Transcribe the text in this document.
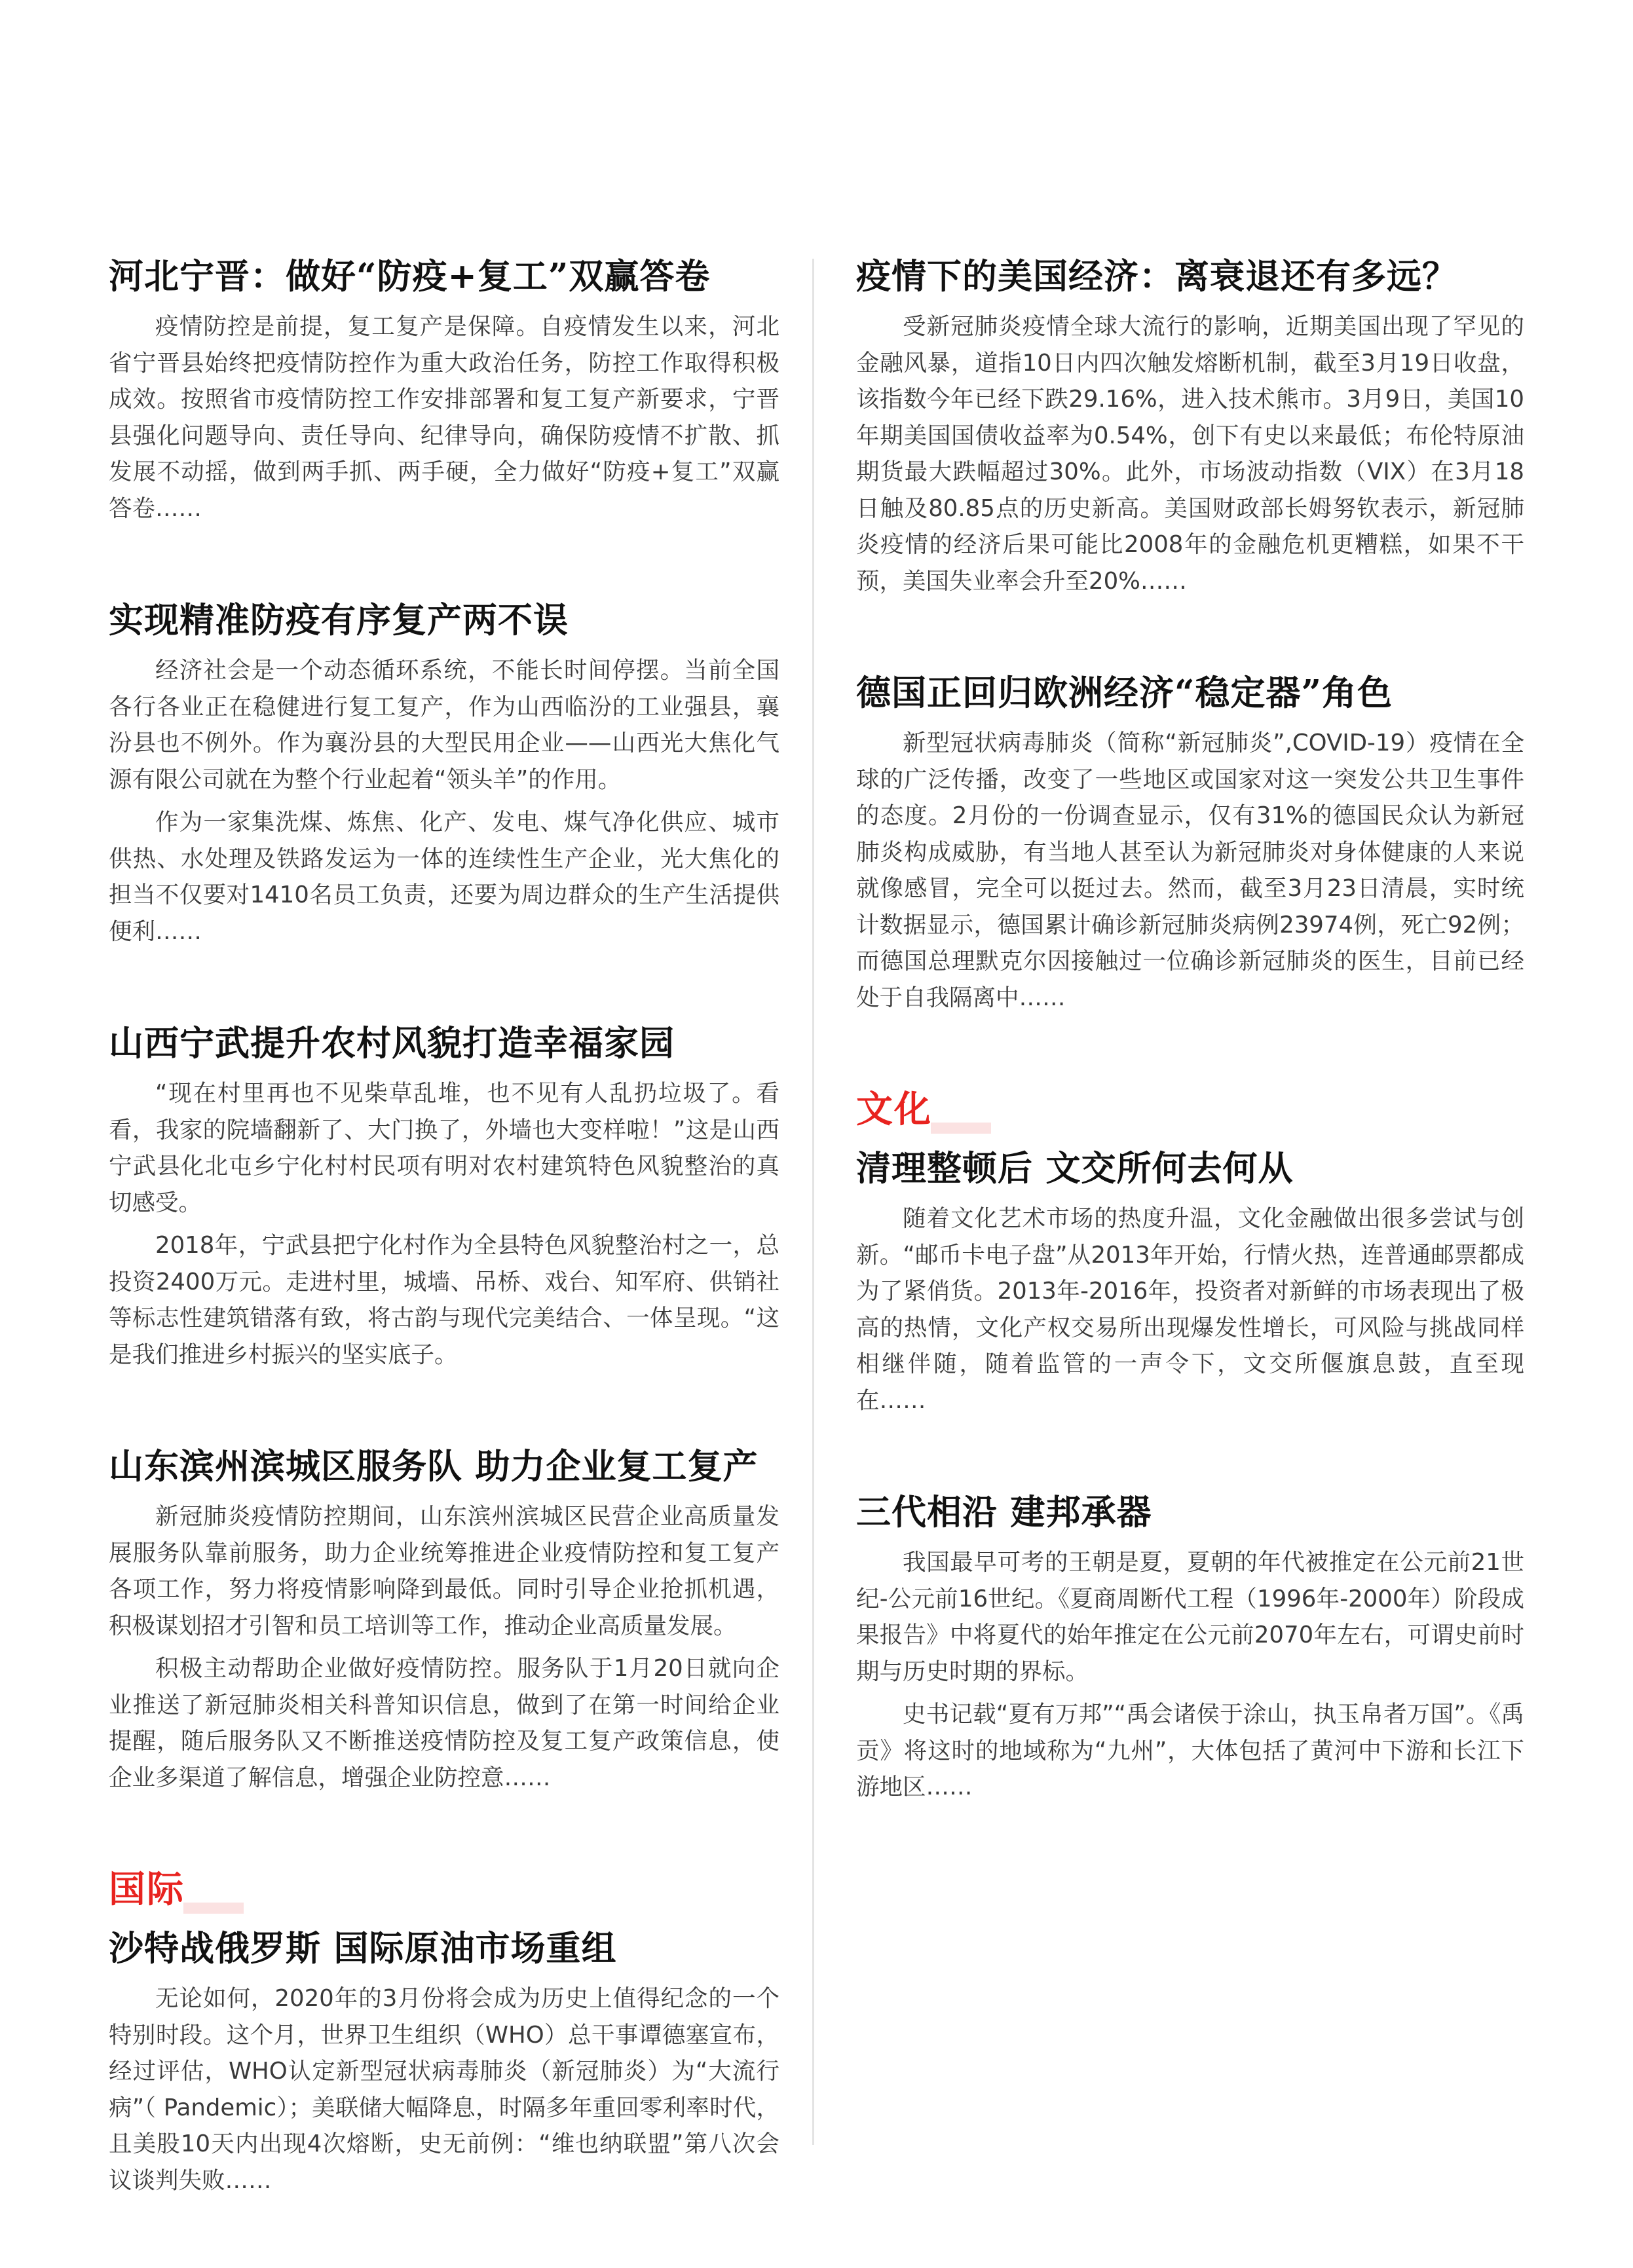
河北宁晋：做好“防疫+复工”双赢答卷

疫情防控是前提，复工复产是保障。自疫情发生以来，河北省宁晋县始终把疫情防控作为重大政治任务，防控工作取得积极成效。按照省市疫情防控工作安排部署和复工复产新要求，宁晋县强化问题导向、责任导向、纪律导向，确保防疫情不扩散、抓发展不动摇，做到两手抓、两手硬，全力做好“防疫+复工”双赢答卷……

实现精准防疫有序复产两不误

经济社会是一个动态循环系统，不能长时间停摆。当前全国各行各业正在稳健进行复工复产，作为山西临汾的工业强县，襄汾县也不例外。作为襄汾县的大型民用企业——山西光大焦化气源有限公司就在为整个行业起着“领头羊”的作用。

作为一家集洗煤、炼焦、化产、发电、煤气净化供应、城市供热、水处理及铁路发运为一体的连续性生产企业，光大焦化的担当不仅要对1410名员工负责，还要为周边群众的生产生活提供便利……

山西宁武提升农村风貌打造幸福家园

“现在村里再也不见柴草乱堆，也不见有人乱扔垃圾了。看看，我家的院墙翻新了、大门换了，外墙也大变样啦！”这是山西宁武县化北屯乡宁化村村民项有明对农村建筑特色风貌整治的真切感受。

2018年，宁武县把宁化村作为全县特色风貌整治村之一，总投资2400万元。走进村里，城墙、吊桥、戏台、知军府、供销社等标志性建筑错落有致，将古韵与现代完美结合、一体呈现。“这是我们推进乡村振兴的坚实底子。

山东滨州滨城区服务队 助力企业复工复产

新冠肺炎疫情防控期间，山东滨州滨城区民营企业高质量发展服务队靠前服务，助力企业统筹推进企业疫情防控和复工复产各项工作，努力将疫情影响降到最低。同时引导企业抢抓机遇，积极谋划招才引智和员工培训等工作，推动企业高质量发展。

积极主动帮助企业做好疫情防控。服务队于1月20日就向企业推送了新冠肺炎相关科普知识信息，做到了在第一时间给企业提醒，随后服务队又不断推送疫情防控及复工复产政策信息，使企业多渠道了解信息，增强企业防控意……

国际
沙特战俄罗斯 国际原油市场重组

无论如何，2020年的3月份将会成为历史上值得纪念的一个特别时段。这个月，世界卫生组织（WHO）总干事谭德塞宣布，经过评估，WHO认定新型冠状病毒肺炎（新冠肺炎）为“大流行病”（ Pandemic）；美联储大幅降息，时隔多年重回零利率时代，且美股10天内出现4次熔断，史无前例：“维也纳联盟”第八次会议谈判失败……

疫情下的美国经济：离衰退还有多远？

受新冠肺炎疫情全球大流行的影响，近期美国出现了罕见的金融风暴，道指10日内四次触发熔断机制，截至3月19日收盘，该指数今年已经下跌29.16%，进入技术熊市。3月9日，美国10年期美国国债收益率为0.54%，创下有史以来最低；布伦特原油期货最大跌幅超过30%。此外，市场波动指数（VIX）在3月18日触及80.85点的历史新高。美国财政部长姆努钦表示，新冠肺炎疫情的经济后果可能比2008年的金融危机更糟糕，如果不干预，美国失业率会升至20%……

德国正回归欧洲经济“稳定器”角色

新型冠状病毒肺炎（简称“新冠肺炎”,COVID-19）疫情在全球的广泛传播，改变了一些地区或国家对这一突发公共卫生事件的态度。2月份的一份调查显示，仅有31%的德国民众认为新冠肺炎构成威胁，有当地人甚至认为新冠肺炎对身体健康的人来说就像感冒，完全可以挺过去。然而，截至3月23日清晨，实时统计数据显示，德国累计确诊新冠肺炎病例23974例，死亡92例；而德国总理默克尔因接触过一位确诊新冠肺炎的医生，目前已经处于自我隔离中……

文化
清理整顿后 文交所何去何从

随着文化艺术市场的热度升温，文化金融做出很多尝试与创新。“邮币卡电子盘”从2013年开始，行情火热，连普通邮票都成为了紧俏货。2013年-2016年，投资者对新鲜的市场表现出了极高的热情，文化产权交易所出现爆发性增长，可风险与挑战同样相继伴随，随着监管的一声令下，文交所偃旗息鼓，直至现在……

三代相沿 建邦承器

我国最早可考的王朝是夏，夏朝的年代被推定在公元前21世纪-公元前16世纪。《夏商周断代工程（1996年-2000年）阶段成果报告》中将夏代的始年推定在公元前2070年左右，可谓史前时期与历史时期的界标。

史书记载“夏有万邦”“禹会诸侯于涂山，执玉帛者万国”。《禹贡》将这时的地域称为“九州”，大体包括了黄河中下游和长江下游地区……
